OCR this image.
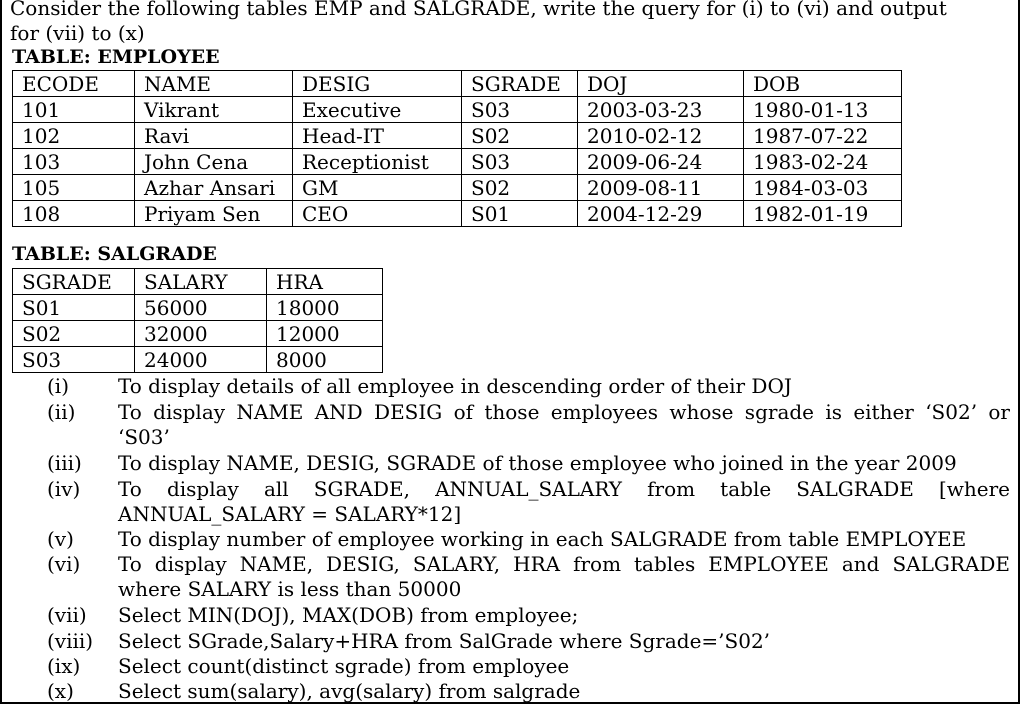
Consider the following tables EMP and SALGRADE, write the query for (i) to (vi) and output
for (vii) to (x)
TABLE: EMPLOYEE
ECODE	NAME	DESIG	SGRADE	DOJ	DOB
101	Vikrant	Executive	S03	2003-03-23	1980-01-13
102	Ravi	Head-IT	S02	2010-02-12	1987-07-22
103	John Cena	Receptionist	S03	2009-06-24	1983-02-24
105	Azhar Ansari	GM	S02	2009-08-11	1984-03-03
108	Priyam Sen	CEO	S01	2004-12-29	1982-01-19
TABLE: SALGRADE
SGRADE	SALARY	HRA
S01	56000	18000
S02	32000	12000
S03	24000	8000
(i) To display details of all employee in descending order of their DOJ
(ii) To display NAME AND DESIG of those employees whose sgrade is either ‘S02’ or
‘S03’
(iii) To display NAME, DESIG, SGRADE of those employee who joined in the year 2009
(iv) To display all SGRADE, ANNUAL_SALARY from table SALGRADE [where
ANNUAL_SALARY = SALARY*12]
(v) To display number of employee working in each SALGRADE from table EMPLOYEE
(vi) To display NAME, DESIG, SALARY, HRA from tables EMPLOYEE and SALGRADE
where SALARY is less than 50000
(vii) Select MIN(DOJ), MAX(DOB) from employee;
(viii) Select SGrade,Salary+HRA from SalGrade where Sgrade=’S02’
(ix) Select count(distinct sgrade) from employee
(x) Select sum(salary), avg(salary) from salgrade
